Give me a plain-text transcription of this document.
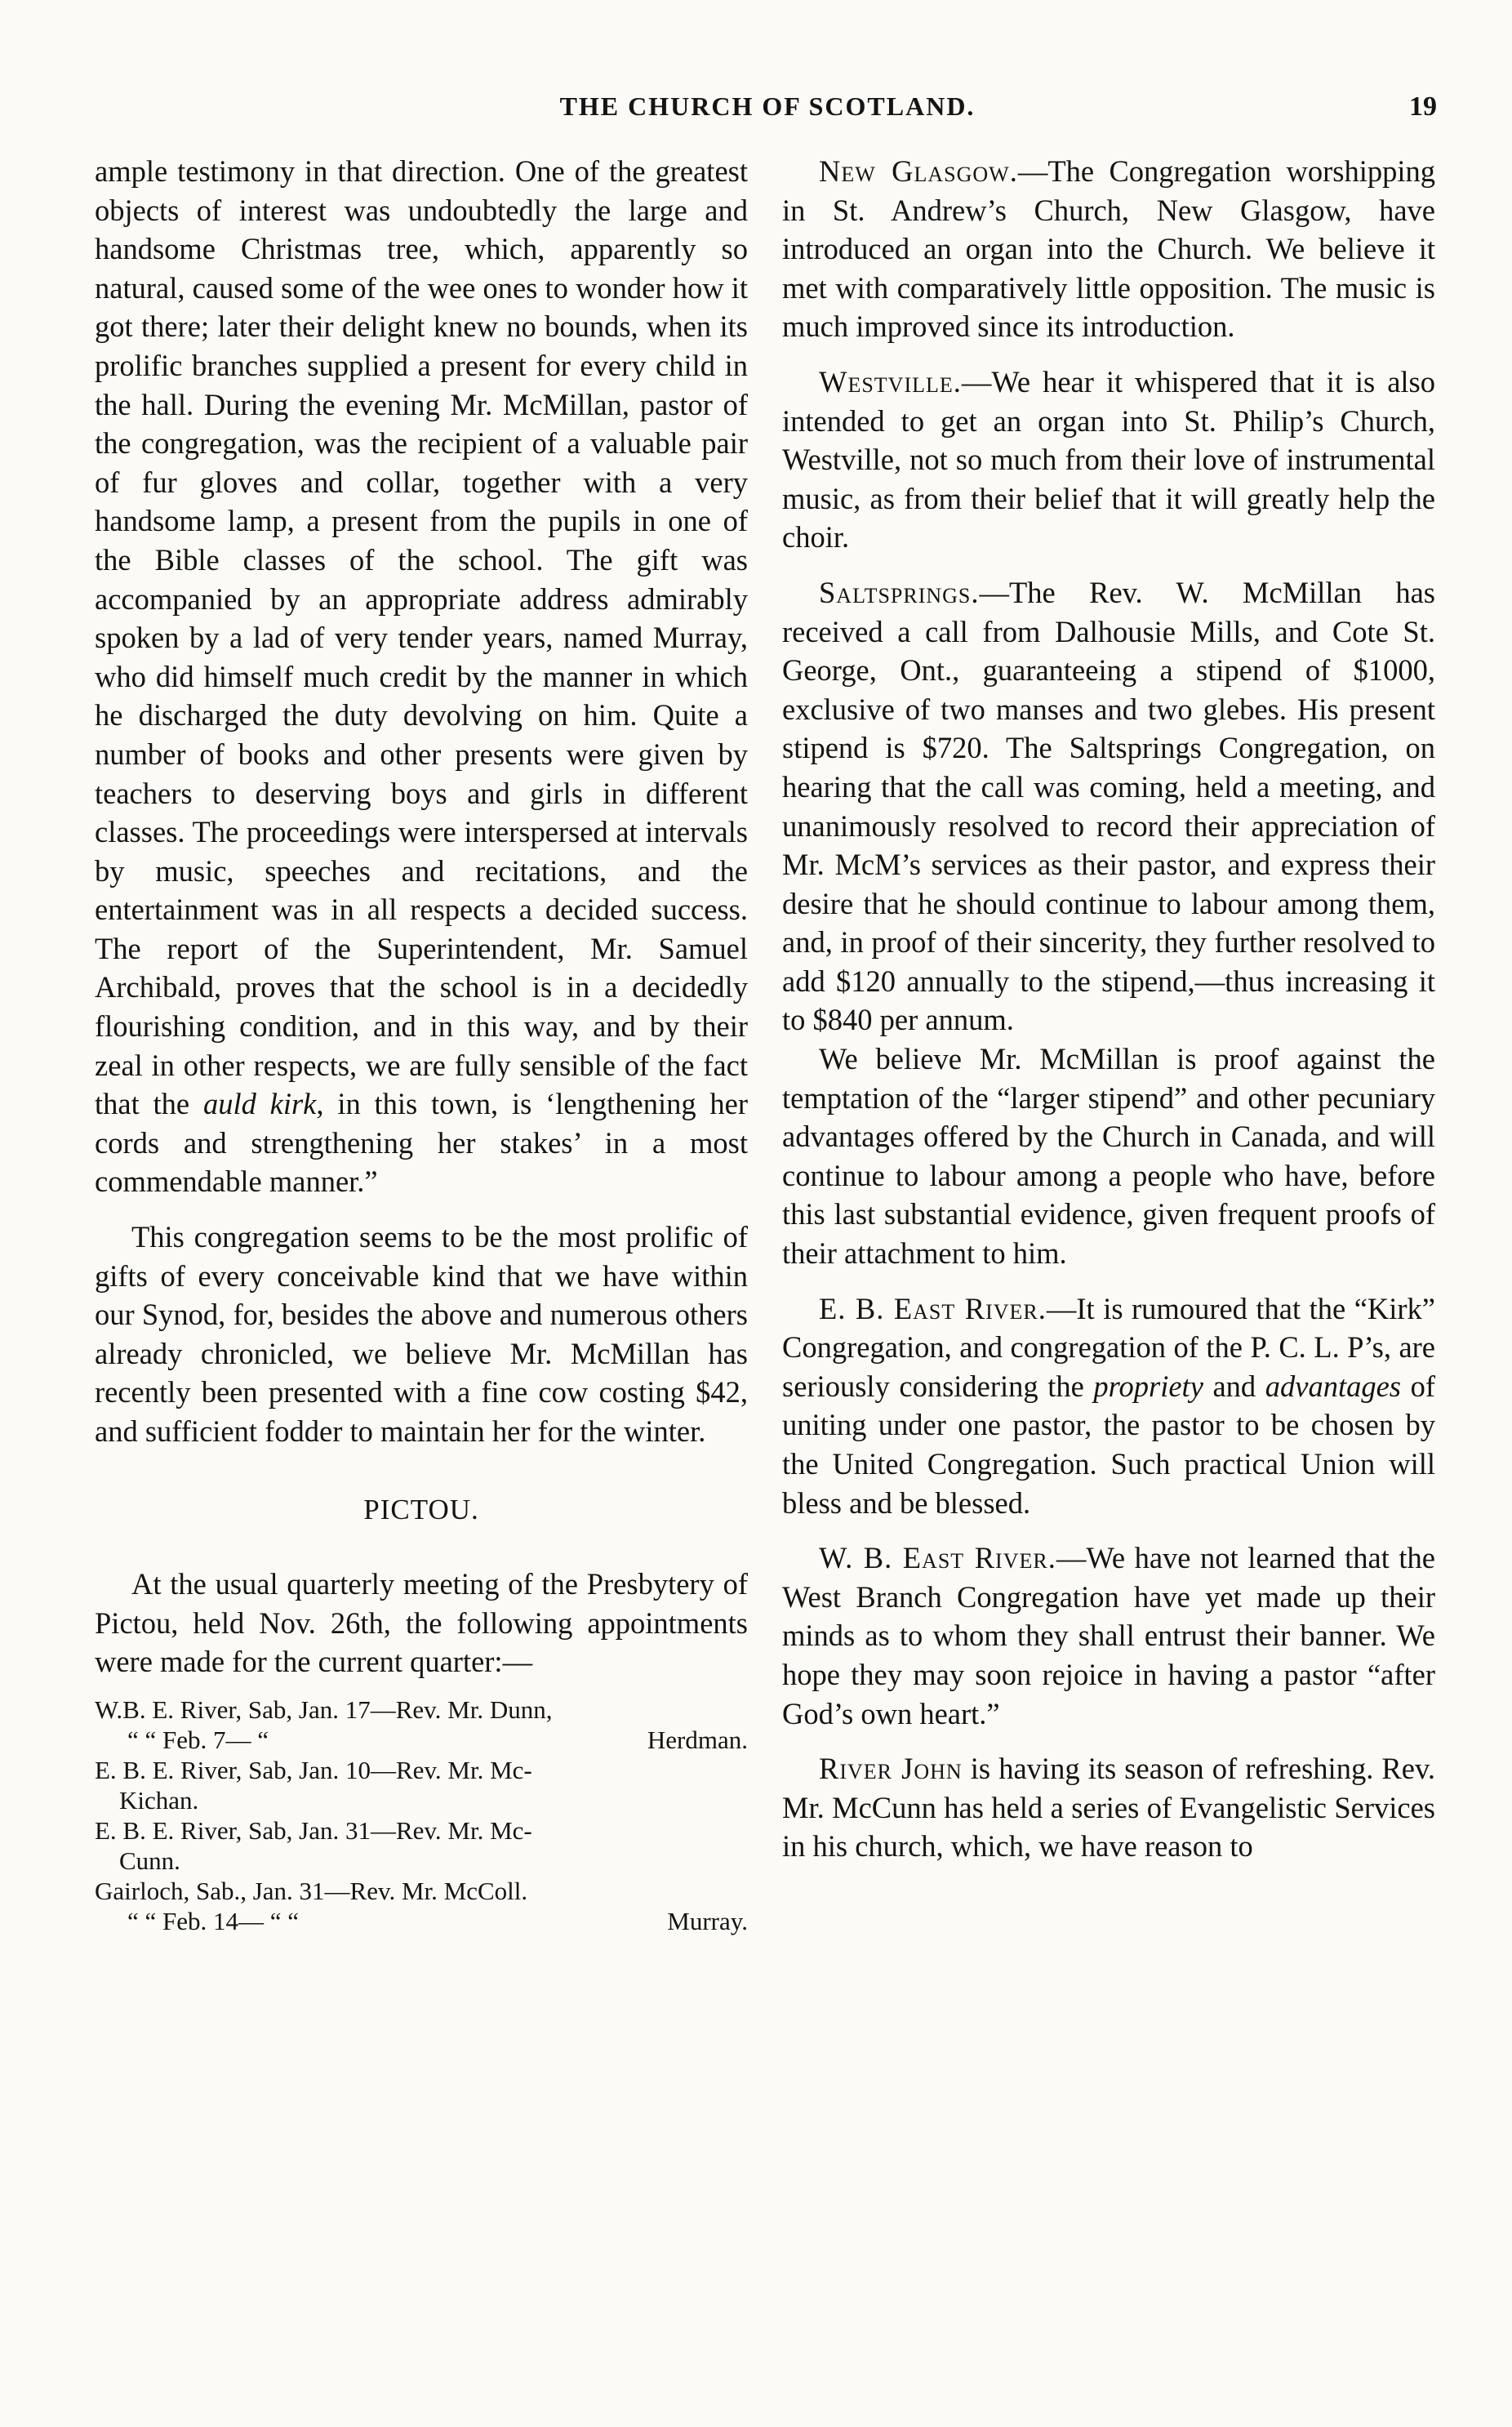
THE CHURCH OF SCOTLAND.	19

ample testimony in that direction. One of the greatest objects of interest was undoubtedly the large and handsome Christmas tree, which, apparently so natural, caused some of the wee ones to wonder how it got there; later their delight knew no bounds, when its prolific branches supplied a present for every child in the hall. During the evening Mr. McMillan, pastor of the congregation, was the recipient of a valuable pair of fur gloves and collar, together with a very handsome lamp, a present from the pupils in one of the Bible classes of the school. The gift was accompanied by an appropriate address admirably spoken by a lad of very tender years, named Murray, who did himself much credit by the manner in which he discharged the duty devolving on him. Quite a number of books and other presents were given by teachers to deserving boys and girls in different classes. The proceedings were interspersed at intervals by music, speeches and recitations, and the entertainment was in all respects a decided success. The report of the Superintendent, Mr. Samuel Archibald, proves that the school is in a decidedly flourishing condition, and in this way, and by their zeal in other respects, we are fully sensible of the fact that the auld kirk, in this town, is ‘lengthening her cords and strengthening her stakes’ in a most commendable manner.”

This congregation seems to be the most prolific of gifts of every conceivable kind that we have within our Synod, for, besides the above and numerous others already chronicled, we believe Mr. McMillan has recently been presented with a fine cow costing $42, and sufficient fodder to maintain her for the winter.

PICTOU.

At the usual quarterly meeting of the Presbytery of Pictou, held Nov. 26th, the following appointments were made for the current quarter:—

W.B. E. River, Sab, Jan. 17—Rev. Mr. Dunn,
“ “ Feb. 7— “	Herdman.
E. B. E. River, Sab, Jan. 10—Rev. Mr. Mc-
Kichan.
E. B. E. River, Sab, Jan. 31—Rev. Mr. Mc-
Cunn.
Gairloch, Sab., Jan. 31—Rev. Mr. McColl.
“ “ Feb. 14— “ “	Murray.

New Glasgow.—The Congregation worshipping in St. Andrew’s Church, New Glasgow, have introduced an organ into the Church. We believe it met with comparatively little opposition. The music is much improved since its introduction.

Westville.—We hear it whispered that it is also intended to get an organ into St. Philip’s Church, Westville, not so much from their love of instrumental music, as from their belief that it will greatly help the choir.

Saltsprings.—The Rev. W. McMillan has received a call from Dalhousie Mills, and Cote St. George, Ont., guaranteeing a stipend of $1000, exclusive of two manses and two glebes. His present stipend is $720. The Saltsprings Congregation, on hearing that the call was coming, held a meeting, and unanimously resolved to record their appreciation of Mr. McM’s services as their pastor, and express their desire that he should continue to labour among them, and, in proof of their sincerity, they further resolved to add $120 annually to the stipend,—thus increasing it to $840 per annum.

We believe Mr. McMillan is proof against the temptation of the “larger stipend” and other pecuniary advantages offered by the Church in Canada, and will continue to labour among a people who have, before this last substantial evidence, given frequent proofs of their attachment to him.

E. B. East River.—It is rumoured that the “Kirk” Congregation, and congregation of the P. C. L. P’s, are seriously considering the propriety and advantages of uniting under one pastor, the pastor to be chosen by the United Congregation. Such practical Union will bless and be blessed.

W. B. East River.—We have not learned that the West Branch Congregation have yet made up their minds as to whom they shall entrust their banner. We hope they may soon rejoice in having a pastor “after God’s own heart.”

River John is having its season of refreshing. Rev. Mr. McCunn has held a series of Evangelistic Services in his church, which, we have reason to
